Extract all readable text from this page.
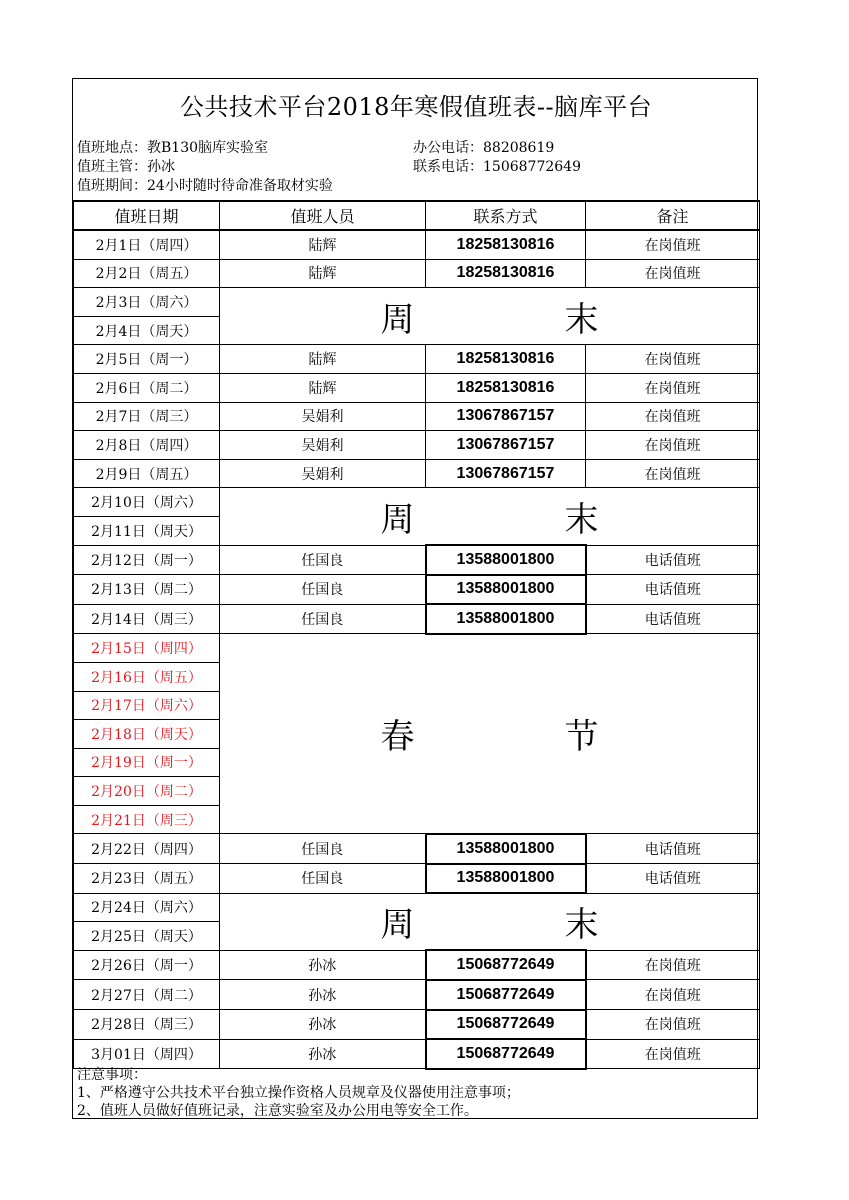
公共技术平台2018年寒假值班表--脑库平台
值班地点：教B130脑库实验室	办公电话：88208619
值班主管：孙冰	联系电话：15068772649
值班期间：24小时随时待命准备取材实验
值班日期	值班人员	联系方式	备注
2月1日（周四）	陆辉	18258130816	在岗值班
2月2日（周五）	陆辉	18258130816	在岗值班
2月3日（周六）	周 末		
2月4日（周天）			
2月5日（周一）	陆辉	18258130816	在岗值班
2月6日（周二）	陆辉	18258130816	在岗值班
2月7日（周三）	吴娟利	13067867157	在岗值班
2月8日（周四）	吴娟利	13067867157	在岗值班
2月9日（周五）	吴娟利	13067867157	在岗值班
2月10日（周六）	周 末		
2月11日（周天）			
2月12日（周一）	任国良	13588001800	电话值班
2月13日（周二）	任国良	13588001800	电话值班
2月14日（周三）	任国良	13588001800	电话值班
2月15日（周四）	春 节		
2月16日（周五）			
2月17日（周六）			
2月18日（周天）			
2月19日（周一）			
2月20日（周二）			
2月21日（周三）			
2月22日（周四）	任国良	13588001800	电话值班
2月23日（周五）	任国良	13588001800	电话值班
2月24日（周六）	周 末		
2月25日（周天）			
2月26日（周一）	孙冰	15068772649	在岗值班
2月27日（周二）	孙冰	15068772649	在岗值班
2月28日（周三）	孙冰	15068772649	在岗值班
3月01日（周四）	孙冰	15068772649	在岗值班
注意事项：
1、严格遵守公共技术平台独立操作资格人员规章及仪器使用注意事项；
2、值班人员做好值班记录，注意实验室及办公用电等安全工作。
